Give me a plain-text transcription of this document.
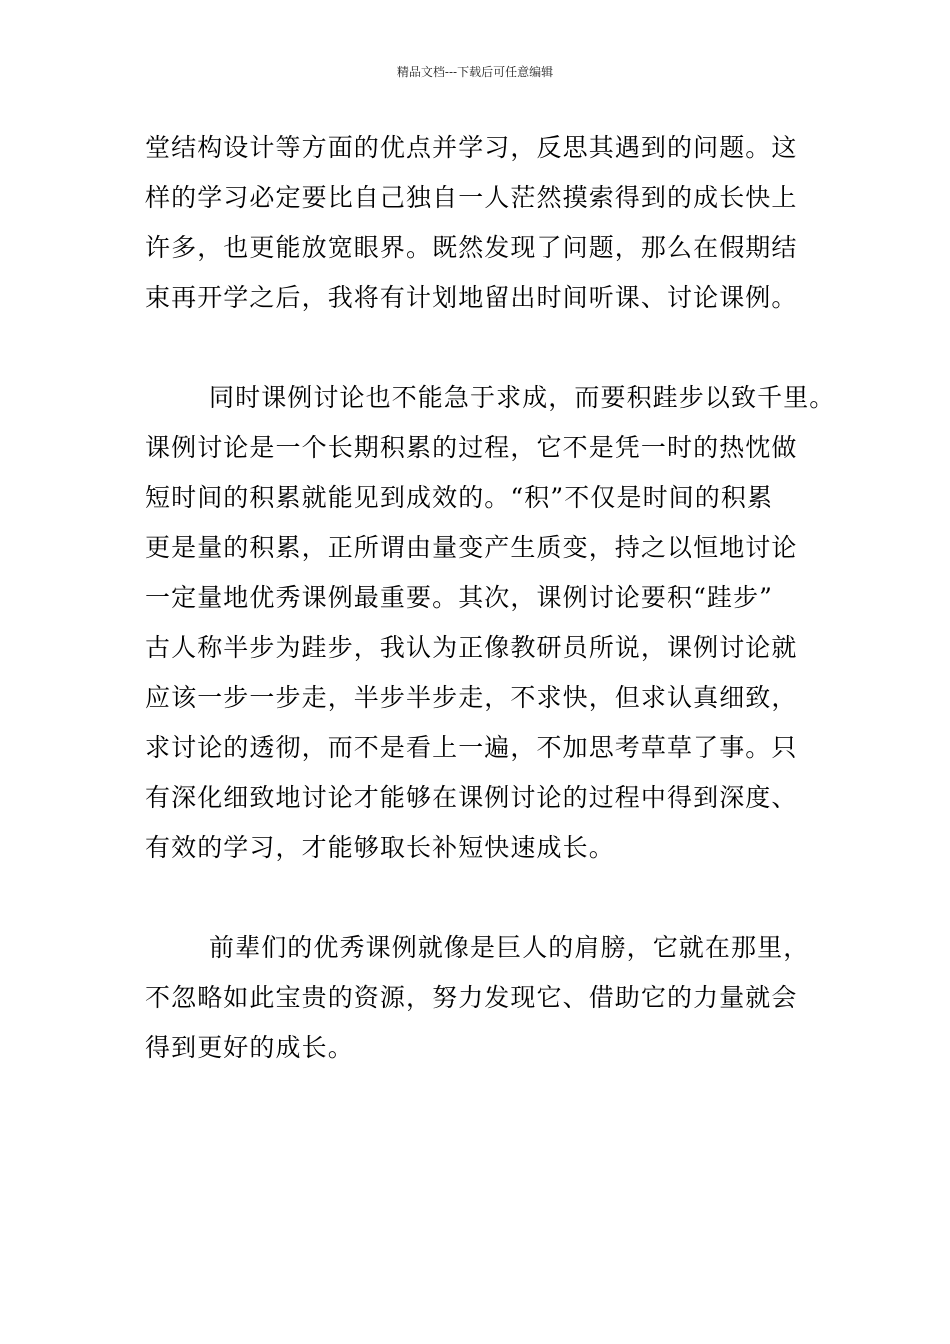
精品文档---下载后可任意编辑
堂结构设计等方面的优点并学习，反思其遇到的问题。这
样的学习必定要比自己独自一人茫然摸索得到的成长快上
许多，也更能放宽眼界。既然发现了问题，那么在假期结
束再开学之后，我将有计划地留出时间听课、讨论课例。
同时课例讨论也不能急于求成，而要积跬步以致千里。
课例讨论是一个长期积累的过程，它不是凭一时的热忱做
短时间的积累就能见到成效的。“积”不仅是时间的积累
更是量的积累，正所谓由量变产生质变，持之以恒地讨论
一定量地优秀课例最重要。其次，课例讨论要积“跬步”
古人称半步为跬步，我认为正像教研员所说，课例讨论就
应该一步一步走，半步半步走，不求快，但求认真细致，
求讨论的透彻，而不是看上一遍，不加思考草草了事。只
有深化细致地讨论才能够在课例讨论的过程中得到深度、
有效的学习，才能够取长补短快速成长。
前辈们的优秀课例就像是巨人的肩膀，它就在那里，
不忽略如此宝贵的资源，努力发现它、借助它的力量就会
得到更好的成长。
